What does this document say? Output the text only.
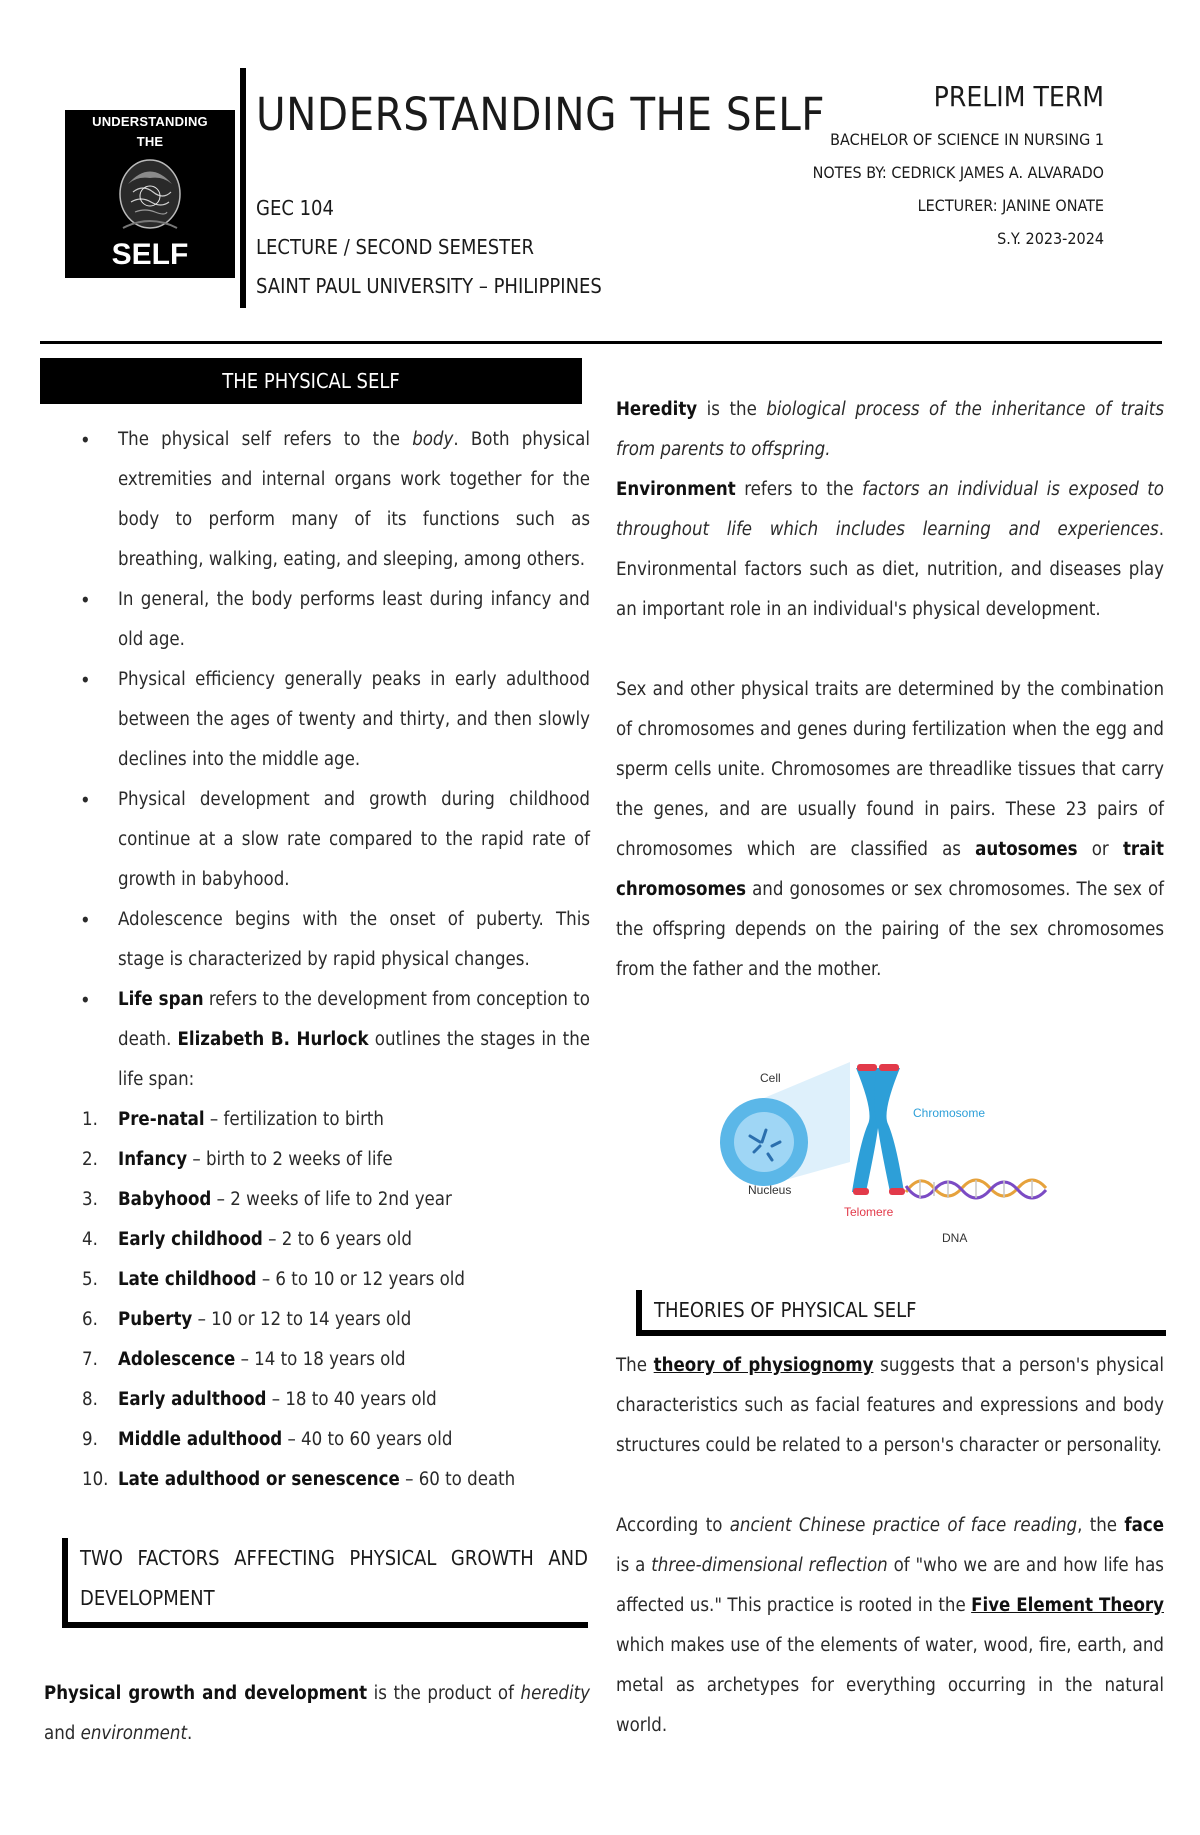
UNDERSTANDING
THE
SELF
UNDERSTANDING THE SELF
GEC 104
LECTURE / SECOND SEMESTER
SAINT PAUL UNIVERSITY – PHILIPPINES
PRELIM TERM
BACHELOR OF SCIENCE IN NURSING 1
NOTES BY: CEDRICK JAMES A. ALVARADO
LECTURER: JANINE ONATE
S.Y. 2023-2024
THE PHYSICAL SELF
• The physical self refers to the body. Both physical extremities and internal organs work together for the body to perform many of its functions such as breathing, walking, eating, and sleeping, among others.
• In general, the body performs least during infancy and old age.
• Physical efficiency generally peaks in early adulthood between the ages of twenty and thirty, and then slowly declines into the middle age.
• Physical development and growth during childhood continue at a slow rate compared to the rapid rate of growth in babyhood.
• Adolescence begins with the onset of puberty. This stage is characterized by rapid physical changes.
• Life span refers to the development from conception to death. Elizabeth B. Hurlock outlines the stages in the life span:
1. Pre-natal – fertilization to birth
2. Infancy – birth to 2 weeks of life
3. Babyhood – 2 weeks of life to 2nd year
4. Early childhood – 2 to 6 years old
5. Late childhood – 6 to 10 or 12 years old
6. Puberty – 10 or 12 to 14 years old
7. Adolescence – 14 to 18 years old
8. Early adulthood – 18 to 40 years old
9. Middle adulthood – 40 to 60 years old
10. Late adulthood or senescence – 60 to death
TWO FACTORS AFFECTING PHYSICAL GROWTH AND
DEVELOPMENT
Physical growth and development is the product of heredity and environment.
Heredity is the biological process of the inheritance of traits from parents to offspring.
Environment refers to the factors an individual is exposed to throughout life which includes learning and experiences. Environmental factors such as diet, nutrition, and diseases play an important role in an individual's physical development.
Sex and other physical traits are determined by the combination of chromosomes and genes during fertilization when the egg and sperm cells unite. Chromosomes are threadlike tissues that carry the genes, and are usually found in pairs. These 23 pairs of chromosomes which are classified as autosomes or trait chromosomes and gonosomes or sex chromosomes. The sex of the offspring depends on the pairing of the sex chromosomes from the father and the mother.
Cell
Nucleus
Chromosome
Telomere
DNA
THEORIES OF PHYSICAL SELF
The theory of physiognomy suggests that a person's physical characteristics such as facial features and expressions and body structures could be related to a person's character or personality.
According to ancient Chinese practice of face reading, the face is a three-dimensional reflection of "who we are and how life has affected us." This practice is rooted in the Five Element Theory which makes use of the elements of water, wood, fire, earth, and metal as archetypes for everything occurring in the natural world.
